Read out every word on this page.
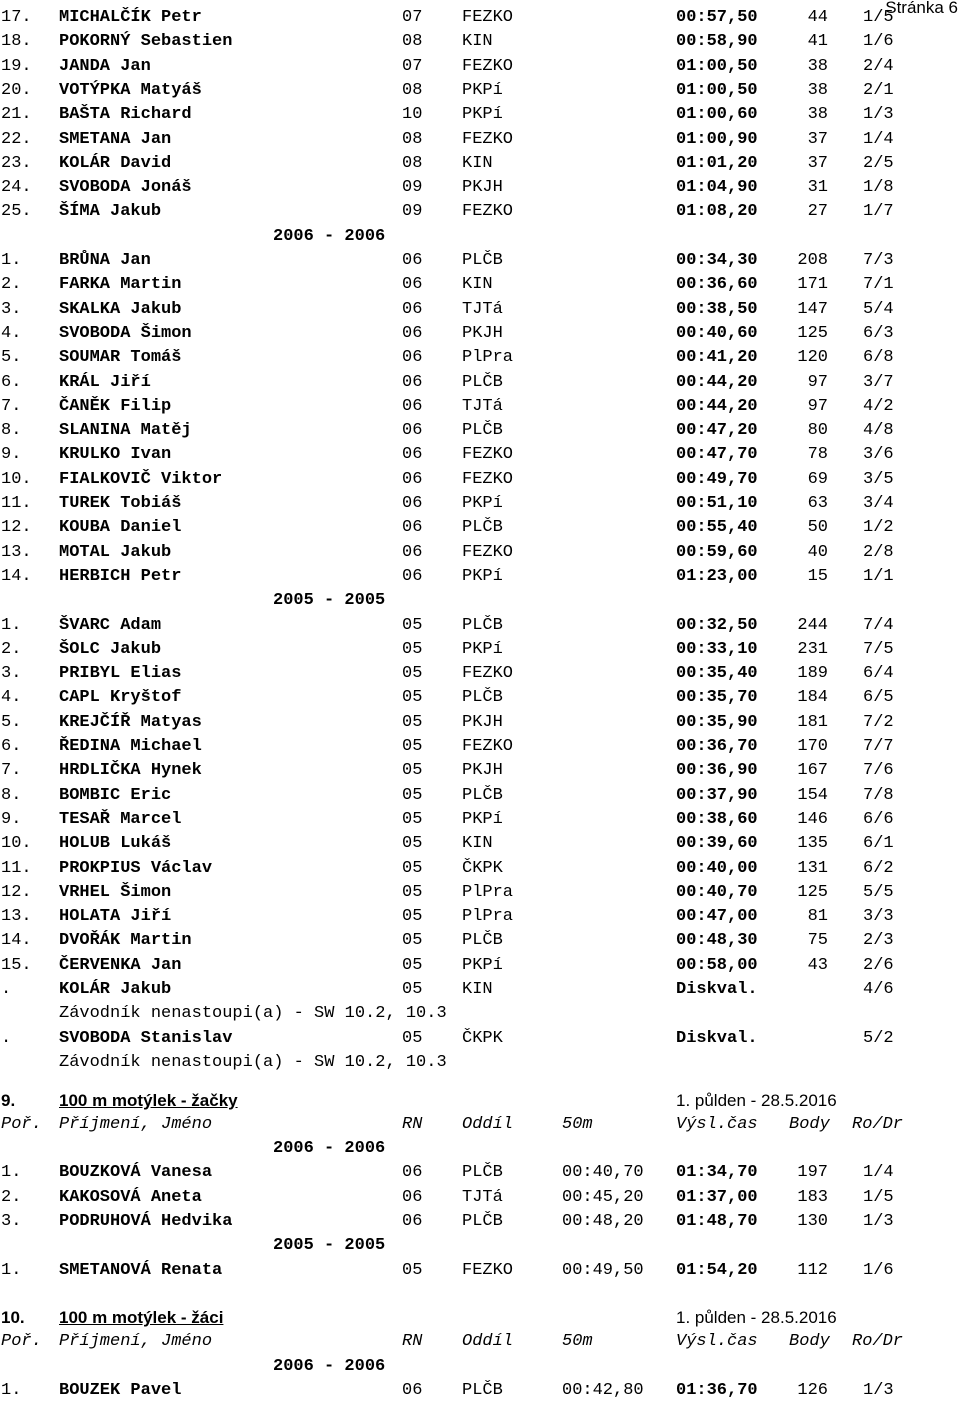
Stránka 6
17. MICHALČÍK Petr	07 FEZKO	00:57,50	44 1/5
18. POKORNÝ Sebastien	08 KIN	00:58,90	41 1/6
19. JANDA Jan	07 FEZKO	01:00,50	38 2/4
20. VOTÝPKA Matyáš	08 PKPí	01:00,50	38 2/1
21. BAŠTA Richard	10 PKPí	01:00,60	38 1/3
22. SMETANA Jan	08 FEZKO	01:00,90	37 1/4
23. KOLÁR David	08 KIN	01:01,20	37 2/5
24. SVOBODA Jonáš	09 PKJH	01:04,90	31 1/8
25. ŠÍMA Jakub	09 FEZKO	01:08,20	27 1/7
2006 - 2006
1. BRŮNA Jan	06 PLČB	00:34,30 208 7/3
2. FARKA Martin	06 KIN	00:36,60 171 7/1
3. SKALKA Jakub	06 TJTá	00:38,50 147 5/4
4. SVOBODA Šimon	06 PKJH	00:40,60 125 6/3
5. SOUMAR Tomáš	06 PlPra	00:41,20 120 6/8
6. KRÁL Jiří	06 PLČB	00:44,20	97 3/7
7. ČANĚK Filip	06 TJTá	00:44,20	97 4/2
8. SLANINA Matěj	06 PLČB	00:47,20	80 4/8
9. KRULKO Ivan	06 FEZKO	00:47,70	78 3/6
10. FIALKOVIČ Viktor	06 FEZKO	00:49,70	69 3/5
11. TUREK Tobiáš	06 PKPí	00:51,10	63 3/4
12. KOUBA Daniel	06 PLČB	00:55,40	50 1/2
13. MOTAL Jakub	06 FEZKO	00:59,60	40 2/8
14. HERBICH Petr	06 PKPí	01:23,00	15 1/1
2005 - 2005
1. ŠVARC Adam	05 PLČB	00:32,50 244 7/4
2. ŠOLC Jakub	05 PKPí	00:33,10 231 7/5
3. PRIBYL Elias	05 FEZKO	00:35,40 189 6/4
4. CAPL Kryštof	05 PLČB	00:35,70 184 6/5
5. KREJČÍŘ Matyas	05 PKJH	00:35,90 181 7/2
6. ŘEDINA Michael	05 FEZKO	00:36,70 170 7/7
7. HRDLIČKA Hynek	05 PKJH	00:36,90 167 7/6
8. BOMBIC Eric	05 PLČB	00:37,90 154 7/8
9. TESAŘ Marcel	05 PKPí	00:38,60 146 6/6
10. HOLUB Lukáš	05 KIN	00:39,60 135 6/1
11. PROKPIUS Václav	05 ČKPK	00:40,00 131 6/2
12. VRHEL Šimon	05 PlPra	00:40,70 125 5/5
13. HOLATA Jiří	05 PlPra	00:47,00	81 3/3
14. DVOŘÁK Martin	05 PLČB	00:48,30	75 2/3
15. ČERVENKA Jan	05 PKPí	00:58,00	43 2/6
.	KOLÁR Jakub	05 KIN	Diskval.	4/6
Závodník nenastoupi(a) - SW 10.2, 10.3
.	SVOBODA Stanislav	05 ČKPK	Diskval.	5/2
Závodník nenastoupi(a) - SW 10.2, 10.3
9.	100 m motýlek - žačky	1. půlden - 28.5.2016
Poř. Příjmení, Jméno	RN Oddíl	50m	Výsl.čas Body Ro/Dr
2006 - 2006
1. BOUZKOVÁ Vanesa	06 PLČB	00:40,70 01:34,70 197 1/4
2. KAKOSOVÁ Aneta	06 TJTá	00:45,20 01:37,00 183 1/5
3. PODRUHOVÁ Hedvika	06 PLČB	00:48,20 01:48,70 130 1/3
2005 - 2005
1. SMETANOVÁ Renata	05 FEZKO	00:49,50 01:54,20 112 1/6
10. 100 m motýlek - žáci	1. půlden - 28.5.2016
Poř. Příjmení, Jméno	RN Oddíl	50m	Výsl.čas Body Ro/Dr
2006 - 2006
1. BOUZEK Pavel	06 PLČB	00:42,80 01:36,70 126 1/3
